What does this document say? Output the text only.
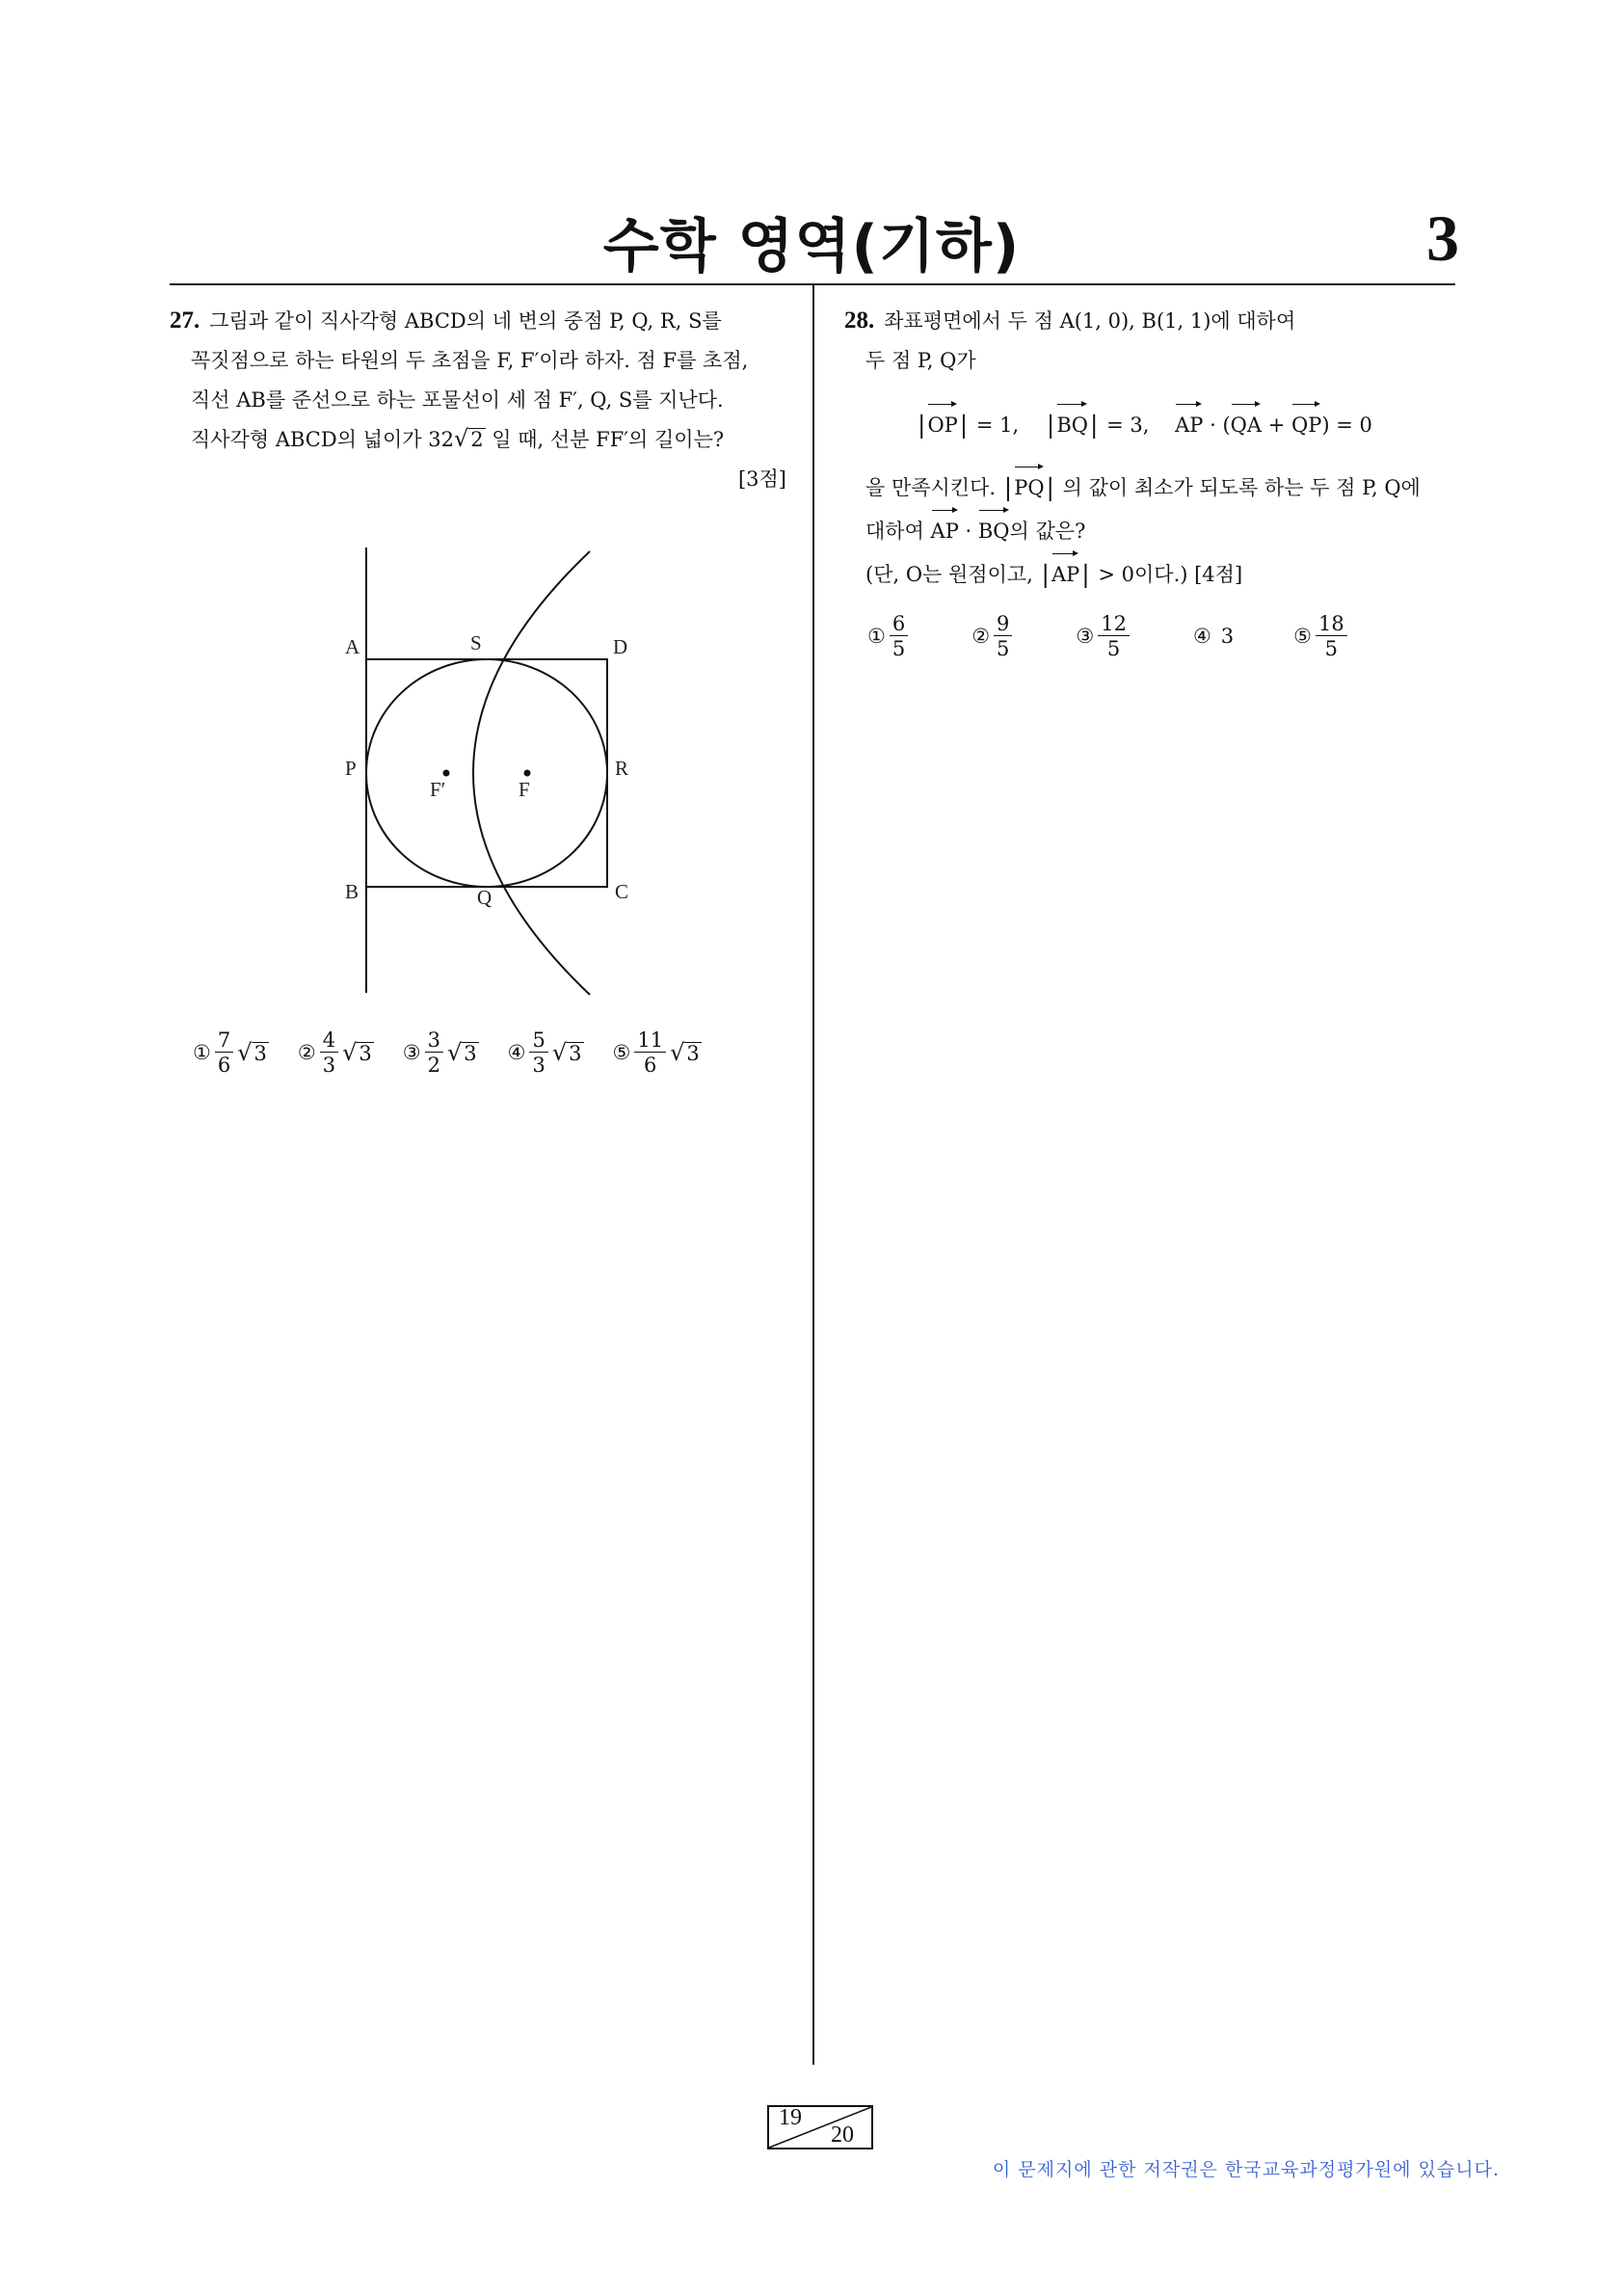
수학 영역(기하)	3
27. 그림과 같이 직사각형 ABCD의 네 변의 중점 P, Q, R, S를
꼭짓점으로 하는 타원의 두 초점을 F, F′이라 하자. 점 F를 초점,
직선 AB를 준선으로 하는 포물선이 세 점 F′, Q, S를 지난다.
직사각형 ABCD의 넓이가 32 √ 2 일 때, 선분 FF′의 길이는?
[3점]
A	S	D
P
F′	F
R
B	Q	C
① $\frac{7}{6}$ √ 3 ② $\frac{4}{3}$ √ 3 ③ $\frac{3}{2}$ √ 3 ④ $\frac{5}{3}$ √ 3 ⑤ $\frac{11}{6}$ √ 3
28. 좌표평면에서 두 점 A(1, 0), B(1, 1)에 대하여
두 점 P, Q가
|OP| = 1, |BQ| = 3, AP · (QA + QP) = 0
을 만족시킨다. |PQ| 의 값이 최소가 되도록 하는 두 점 P, Q에
대하여 AP · BQ의 값은?
(단, O는 원점이고, |AP| > 0이다.) [4점]
① $\frac{6}{5}$	② $\frac{9}{5}$	③ $\frac{12}{5}$	④ 3	⑤ $\frac{18}{5}$
19
20
이 문제지에 관한 저작권은 한국교육과정평가원에 있습니다.
